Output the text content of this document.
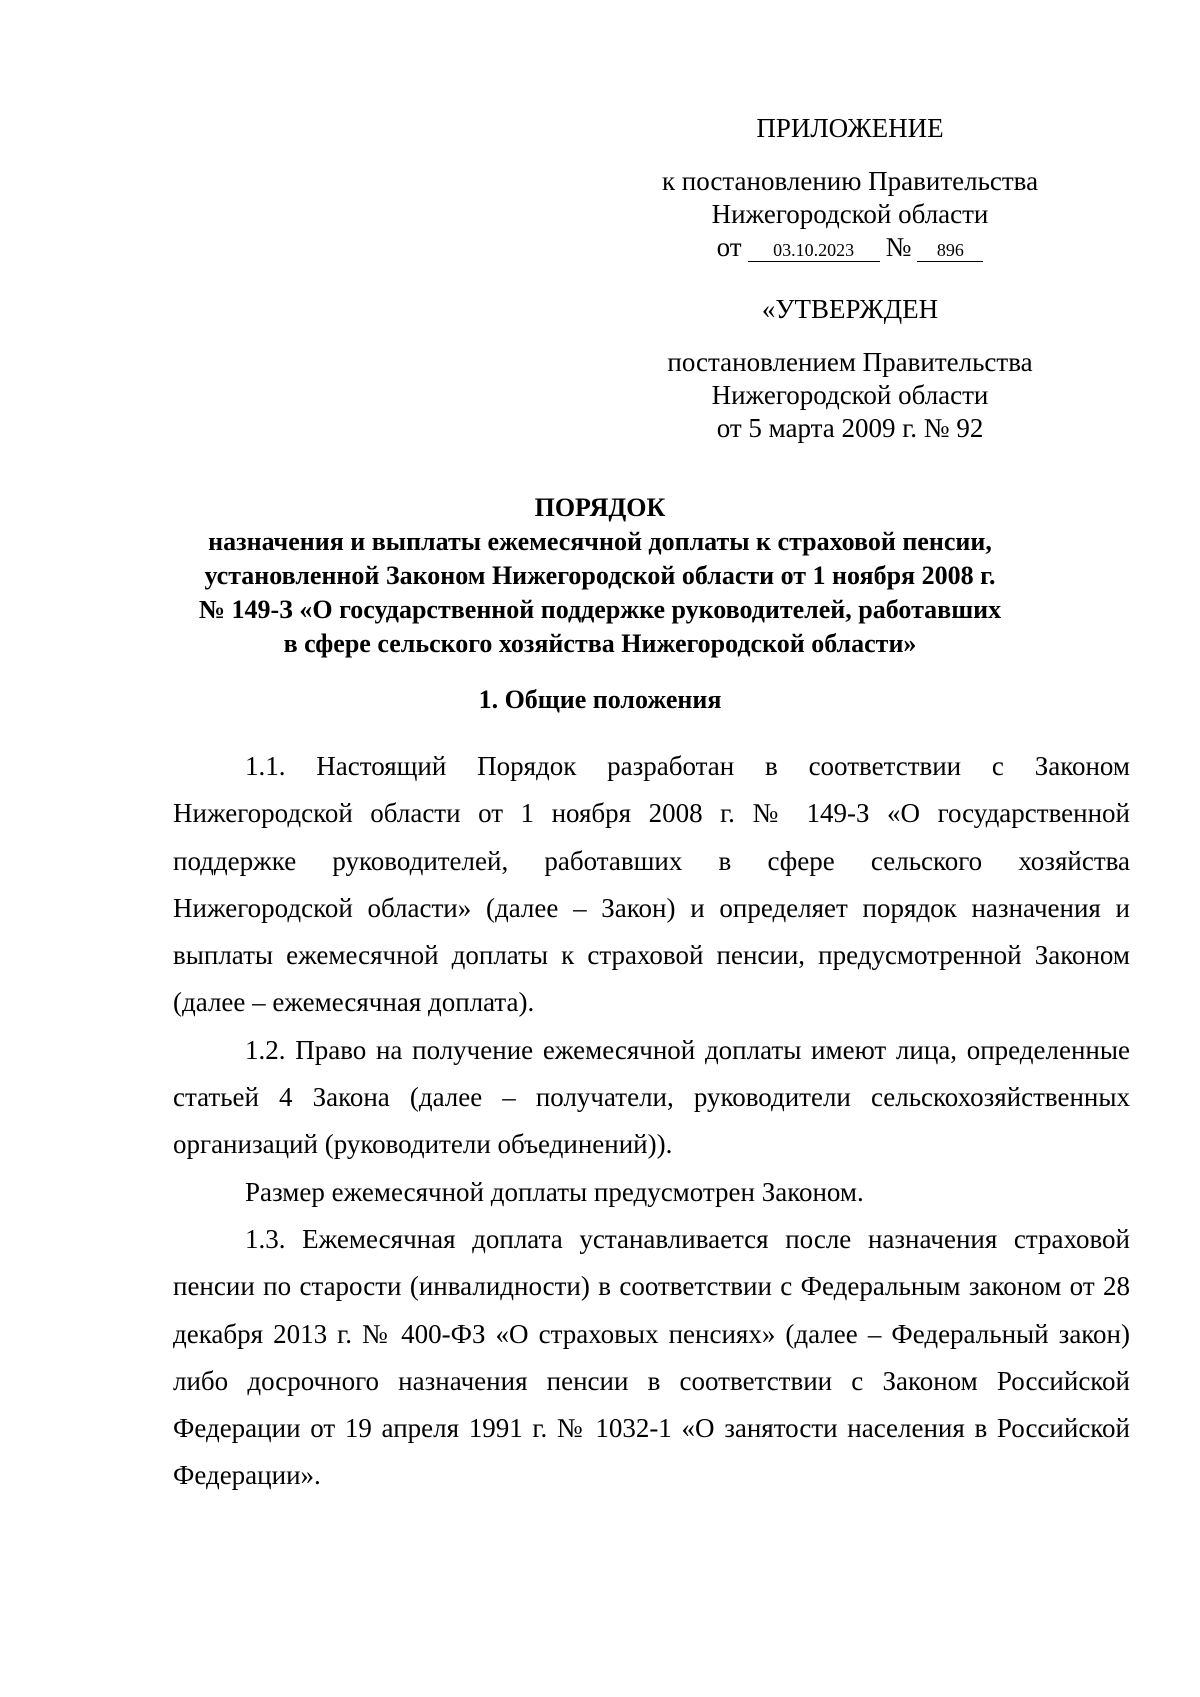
ПРИЛОЖЕНИЕ
к постановлению Правительства
Нижегородской области
от	03.10.2023	№	896
«УТВЕРЖДЕН
постановлением Правительства
Нижегородской области
от 5 марта 2009 г. № 92
ПОРЯДОК
назначения и выплаты ежемесячной доплаты к страховой пенсии,
установленной Законом Нижегородской области от 1 ноября 2008 г.
№ 149-З «О государственной поддержке руководителей, работавших
в сфере сельского хозяйства Нижегородской области»
1. Общие положения

1.1. Настоящий Порядок разработан в соответствии с Законом Нижегородской области от 1 ноября 2008 г. № 149-З «О государственной поддержке руководителей, работавших в сфере сельского хозяйства Нижегородской области» (далее – Закон) и определяет порядок назначения и выплаты ежемесячной доплаты к страховой пенсии, предусмотренной Законом (далее – ежемесячная доплата).

1.2. Право на получение ежемесячной доплаты имеют лица, определенные статьей 4 Закона (далее – получатели, руководители сельскохозяйственных организаций (руководители объединений)).

Размер ежемесячной доплаты предусмотрен Законом.

1.3. Ежемесячная доплата устанавливается после назначения страховой пенсии по старости (инвалидности) в соответствии с Федеральным законом от 28 декабря 2013 г. № 400-ФЗ «О страховых пенсиях» (далее – Федеральный закон) либо досрочного назначения пенсии в соответствии с Законом Российской Федерации от 19 апреля 1991 г. № 1032-1 «О занятости населения в Российской Федерации».
